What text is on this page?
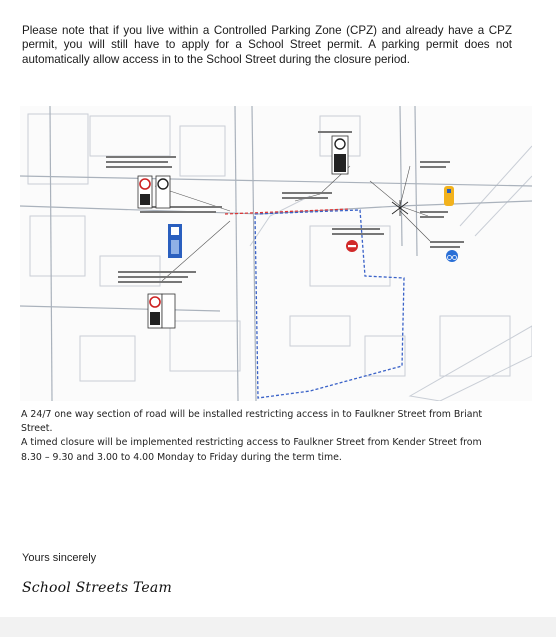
Please note that if you live within a Controlled Parking Zone (CPZ) and already have a CPZ permit, you will still have to apply for a School Street permit. A parking permit does not automatically allow access in to the School Street during the closure period.

A 24/7 one way section of road will be installed restricting access in to Faulkner Street from Briant Street.
A timed closure will be implemented restricting access to Faulkner Street from Kender Street from 8.30 – 9.30 and 3.00 to 4.00 Monday to Friday during the term time.

Yours sincerely

School Streets Team
